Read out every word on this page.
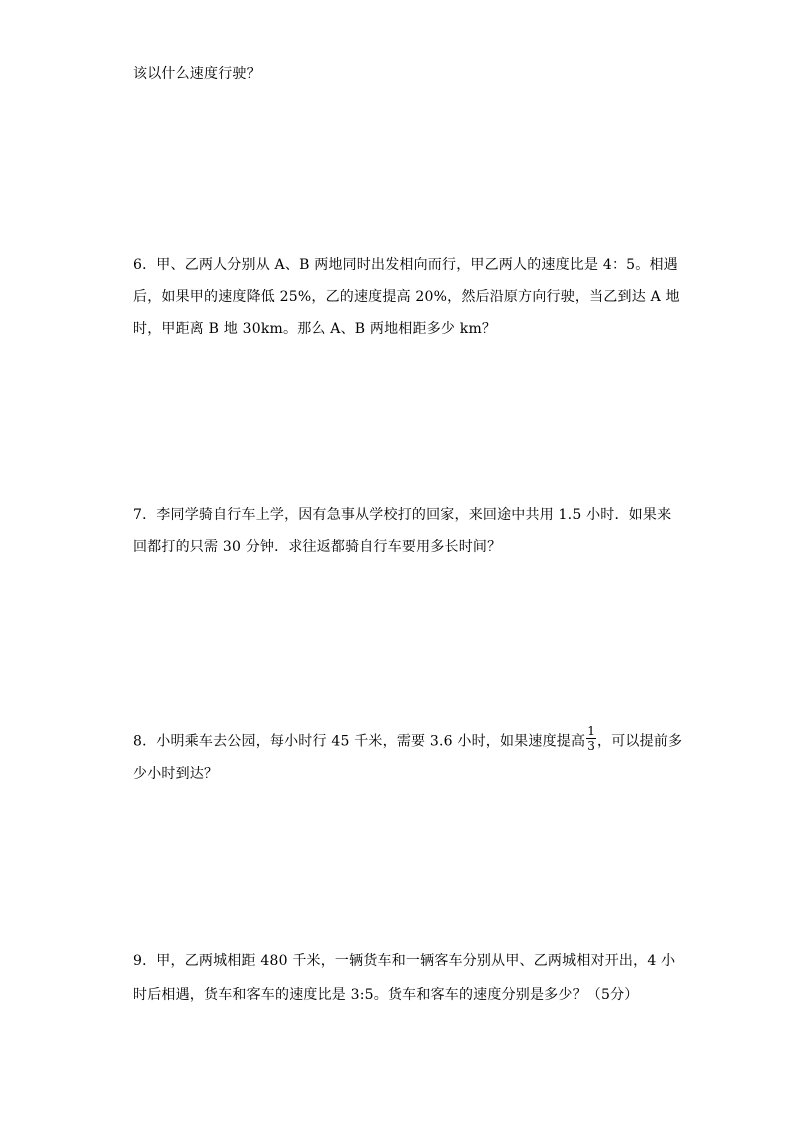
该以什么速度行驶？
6．甲、乙两人分别从 A、B 两地同时出发相向而行，甲乙两人的速度比是 4：5。相遇
后，如果甲的速度降低 25%，乙的速度提高 20%，然后沿原方向行驶，当乙到达 A 地
时，甲距离 B 地 30km。那么 A、B 两地相距多少 km？
7．李同学骑自行车上学，因有急事从学校打的回家，来回途中共用 1.5 小时．如果来
回都打的只需 30 分钟．求往返都骑自行车要用多长时间？
8．小明乘车去公园，每小时行 45 千米，需要 3.6 小时，如果速度提高 $\frac{1}{3}$ ，可以提前多
少小时到达？
9．甲，乙两城相距 480 千米，一辆货车和一辆客车分别从甲、乙两城相对开出，4 小
时后相遇，货车和客车的速度比是 3:5。货车和客车的速度分别是多少？（5分）
